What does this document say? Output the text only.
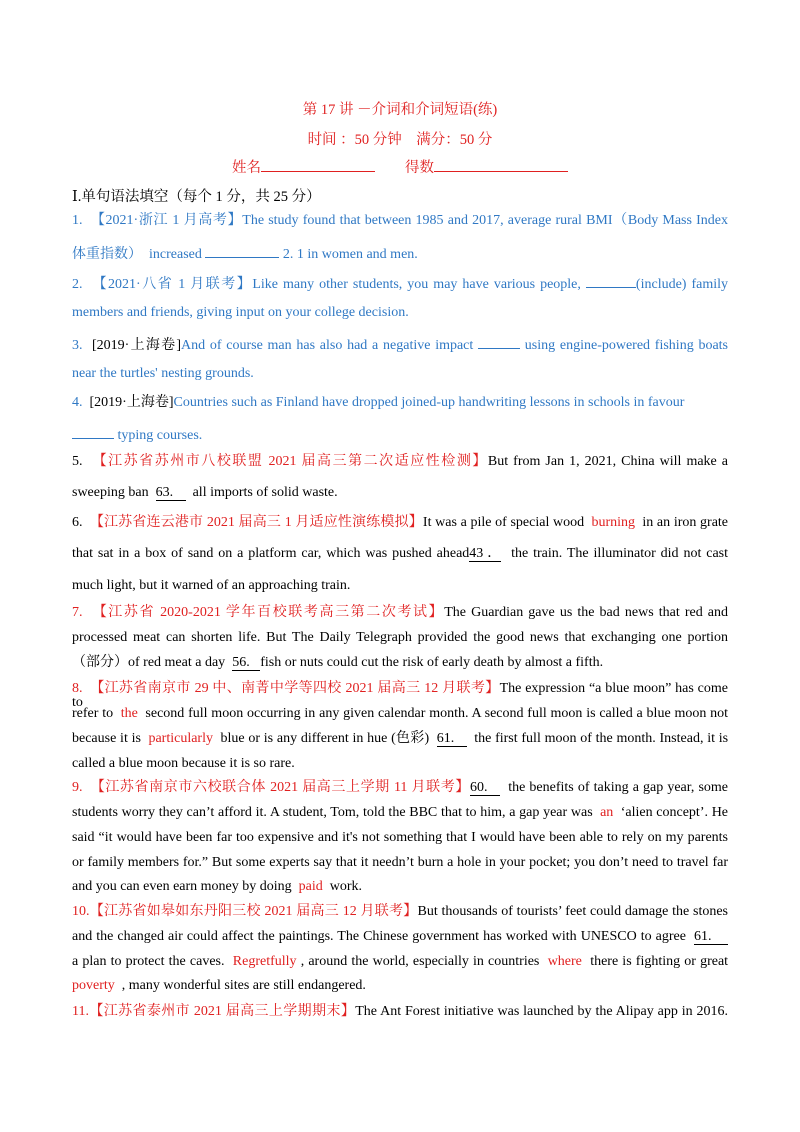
第 17 讲 －介词和介词短语(练)
时间 ：50 分钟　满分：50 分
姓名	得数
Ⅰ.单句语法填空（每个 1 分，共 25 分）
1. 【2021·浙江 1 月高考】The study found that between 1985 and 2017, average rural BMI（Body Mass Index
体重指数）　increased	2. 1 in women and men.
2. 【2021·八省 1 月联考】Like many other students, you may have various people,	(include) family
members and friends, giving input on your college decision.
3. [2019·上海卷]And of course man has also had a negative impact	using engine-powered fishing boats
near the turtles' nesting grounds.
4. [2019·上海卷]Countries such as Finland have dropped joined-up handwriting lessons in schools in favour
typing courses.
5. 【江苏省苏州市八校联盟 2021 届高三第二次适应性检测】But from Jan 1, 2021, China will make a
sweeping ban 63. all imports of solid waste.
6. 【江苏省连云港市 2021 届高三 1 月适应性演练模拟】It was a pile of special wood burning in an iron grate
that sat in a box of sand on a platform car, which was pushed ahead43． the train. The illuminator did not cast
much light, but it warned of an approaching train.
7. 【江苏省 2020-2021 学年百校联考高三第二次考试】The Guardian gave us the bad news that red and
processed meat can shorten life. But The Daily Telegraph provided the good news that exchanging one portion
（部分）of red meat a day 56. fish or nuts could cut the risk of early death by almost a fifth.
8. 【江苏省南京市 29 中、南菁中学等四校 2021 届高三 12 月联考】The expression “a blue moon” has come to
refer to the second full moon occurring in any given calendar month. A second full moon is called a blue moon not
because it is particularly blue or is any different in hue (色彩) 61. the first full moon of the month. Instead, it is
called a blue moon because it is so rare.
9. 【江苏省南京市六校联合体 2021 届高三上学期 11 月联考】60. the benefits of taking a gap year, some
students worry they can’t afford it. A student, Tom, told the BBC that to him, a gap year was an ‘alien concept’. He
said “it would have been far too expensive and it's not something that I would have been able to rely on my parents
or family members for.” But some experts say that it needn’t burn a hole in your pocket; you don’t need to travel far
and you can even earn money by doing paid work.
10.【江苏省如皋如东丹阳三校 2021 届高三 12 月联考】But thousands of tourists’ feet could damage the stones
and the changed air could affect the paintings. The Chinese government has worked with UNESCO to agree 61.
a plan to protect the caves. Regretfully , around the world, especially in countries where there is fighting or great
poverty , many wonderful sites are still endangered.
11.【江苏省泰州市 2021 届高三上学期期末】The Ant Forest initiative was launched by the Alipay app in 2016.
